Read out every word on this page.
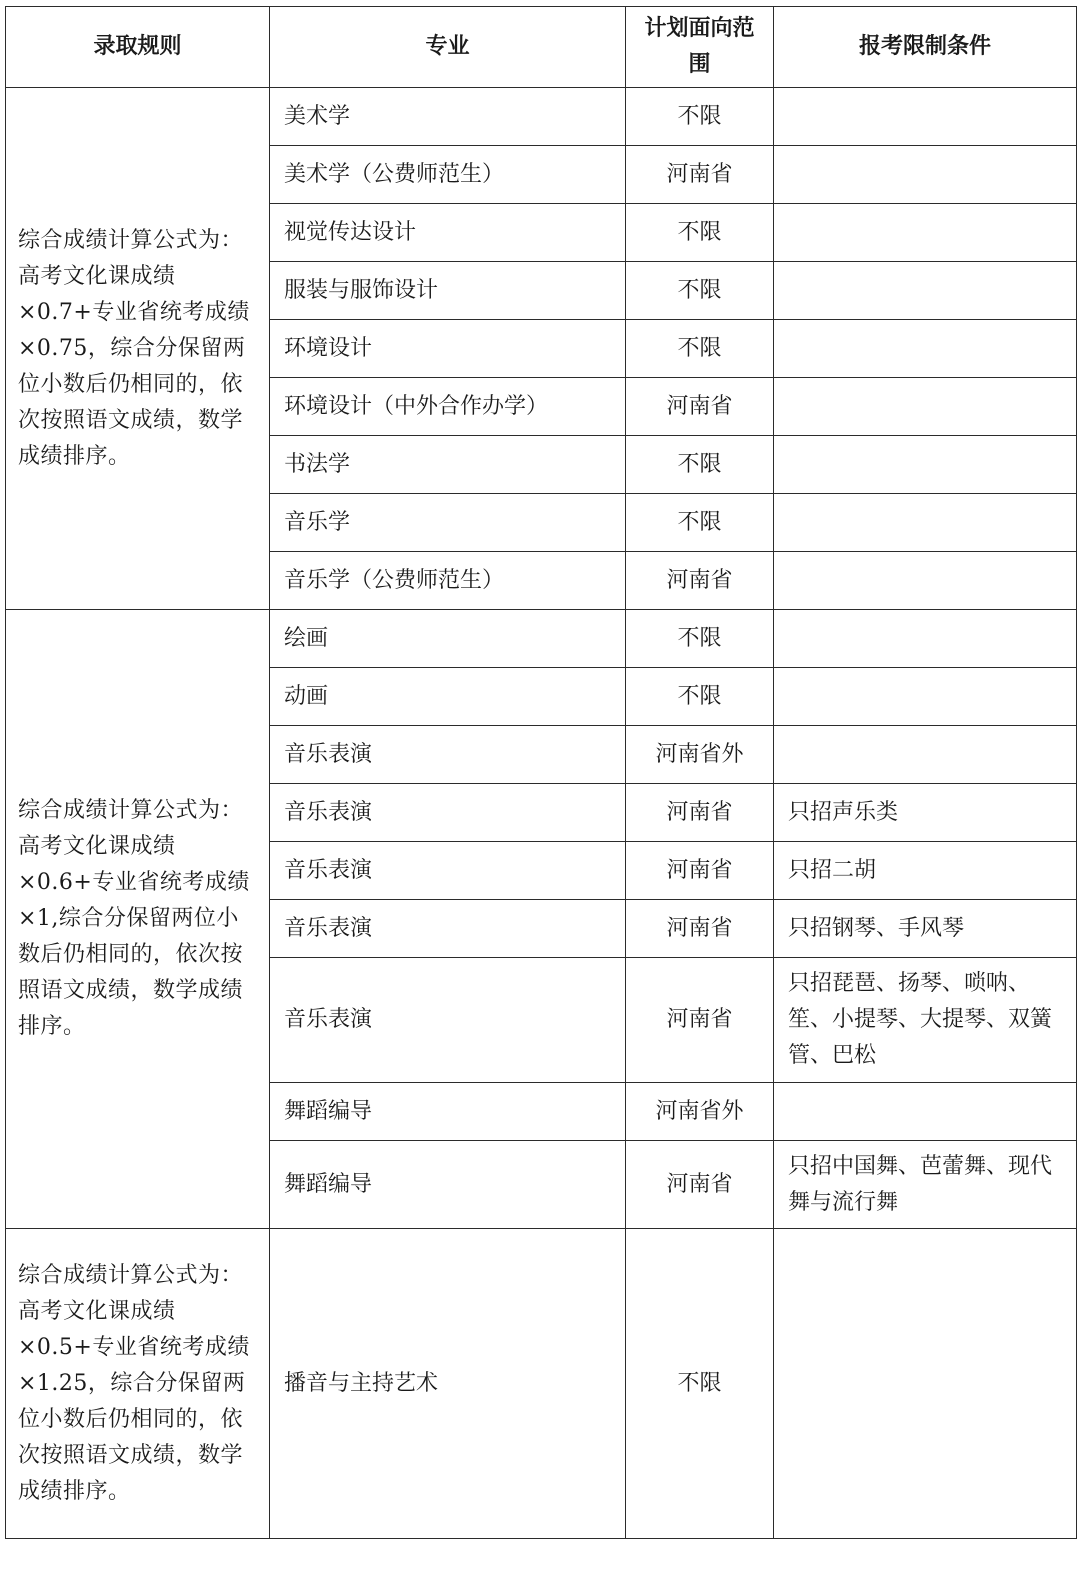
录取规则	专业	计划面向范围	报考限制条件
综合成绩计算公式为：高考文化课成绩×0.7+专业省统考成绩×0.75，综合分保留两位小数后仍相同的，依次按照语文成绩，数学成绩排序。	美术学	不限	
	美术学（公费师范生）	河南省	
	视觉传达设计	不限	
	服装与服饰设计	不限	
	环境设计	不限	
	环境设计（中外合作办学）	河南省	
	书法学	不限	
	音乐学	不限	
	音乐学（公费师范生）	河南省	
综合成绩计算公式为：高考文化课成绩×0.6+专业省统考成绩×1,综合分保留两位小数后仍相同的，依次按照语文成绩，数学成绩排序。	绘画	不限	
	动画	不限	
	音乐表演	河南省外	
	音乐表演	河南省	只招声乐类
	音乐表演	河南省	只招二胡
	音乐表演	河南省	只招钢琴、手风琴
	音乐表演	河南省	只招琵琶、扬琴、唢呐、笙、小提琴、大提琴、双簧管、巴松
	舞蹈编导	河南省外	
	舞蹈编导	河南省	只招中国舞、芭蕾舞、现代舞与流行舞
综合成绩计算公式为：高考文化课成绩×0.5+专业省统考成绩×1.25，综合分保留两位小数后仍相同的，依次按照语文成绩，数学成绩排序。	播音与主持艺术	不限	
